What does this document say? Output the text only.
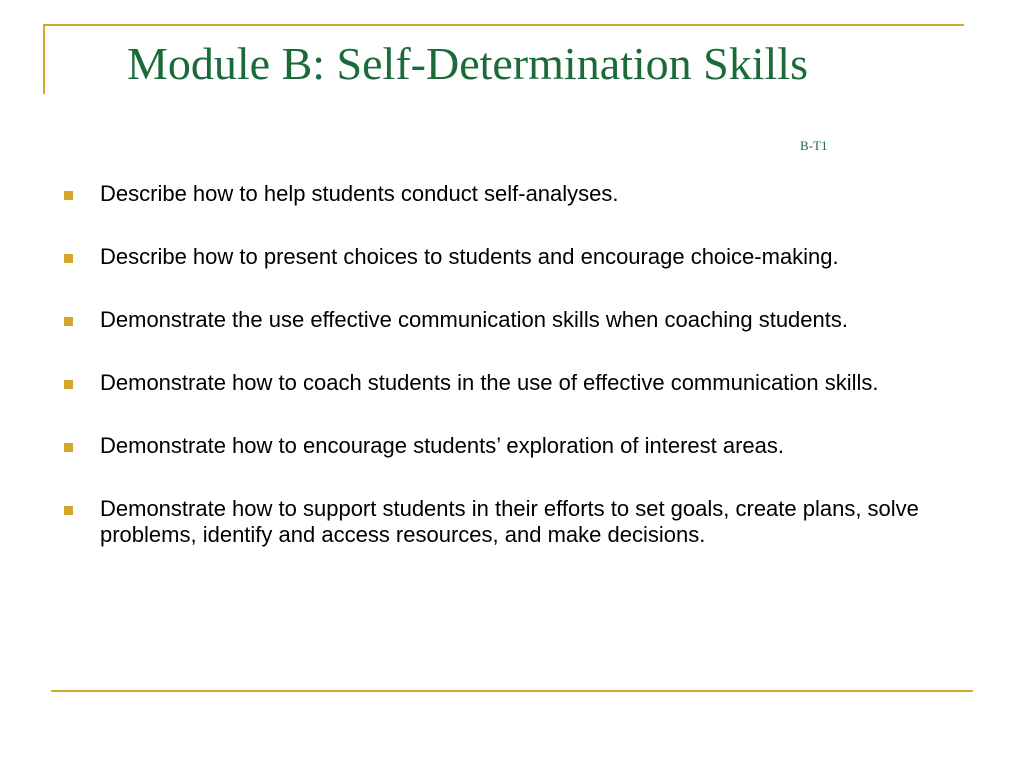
Module B: Self-Determination Skills
B-T1
Describe how to help students conduct self-analyses.
Describe how to present choices to students and encourage choice-making.
Demonstrate the use effective communication skills when coaching students.
Demonstrate how to coach students in the use of effective communication skills.
Demonstrate how to encourage students’ exploration of interest areas.
Demonstrate how to support students in their efforts to set goals, create plans, solve problems, identify and access resources, and make decisions.
